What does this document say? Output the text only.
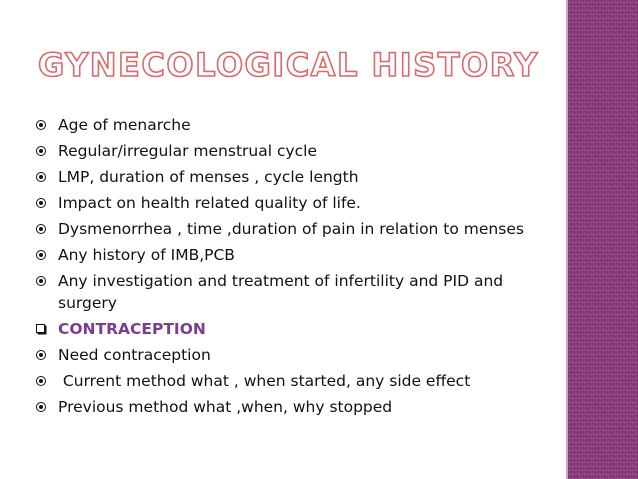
GYNECOLOGICAL HISTORY
Age of menarche
Regular/irregular menstrual cycle
LMP, duration of menses , cycle length
Impact on health related quality of life.
Dysmenorrhea , time ,duration of pain in relation to menses
Any history of IMB,PCB
Any investigation and treatment of infertility and PID and surgery
CONTRACEPTION
Need contraception
Current method what , when started, any side effect
Previous method what ,when, why stopped
